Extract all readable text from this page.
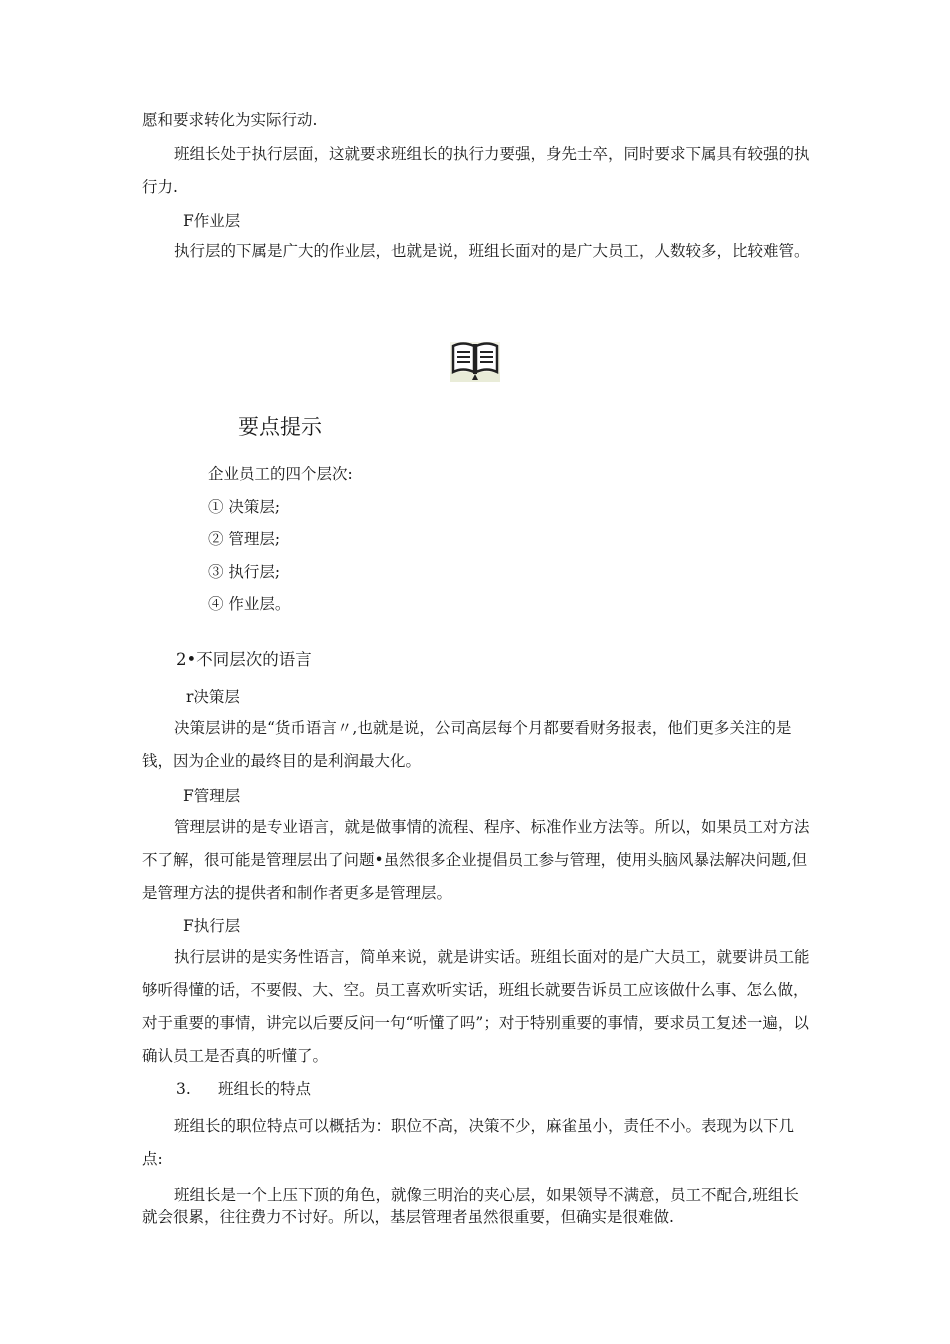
愿和要求转化为实际行动.

班组长处于执行层面，这就要求班组长的执行力要强，身先士卒，同时要求下属具有较强的执行力.

F作业层

执行层的下属是广大的作业层，也就是说，班组长面对的是广大员工，人数较多，比较难管。

要点提示
企业员工的四个层次:
① 决策层;
② 管理层;
③ 执行层;
④ 作业层。

2•不同层次的语言

r决策层

决策层讲的是“货币语言〃,也就是说，公司高层每个月都要看财务报表，他们更多关注的是钱，因为企业的最终目的是利润最大化。

F管理层

管理层讲的是专业语言，就是做事情的流程、程序、标准作业方法等。所以，如果员工对方法不了解，很可能是管理层出了问题•虽然很多企业提倡员工参与管理，使用头脑风暴法解决问题,但是管理方法的提供者和制作者更多是管理层。

F执行层

执行层讲的是实务性语言，简单来说，就是讲实话。班组长面对的是广大员工，就要讲员工能够听得懂的话，不要假、大、空。员工喜欢听实话，班组长就要告诉员工应该做什么事、怎么做，对于重要的事情，讲完以后要反问一句“听懂了吗”；对于特别重要的事情，要求员工复述一遍，以确认员工是否真的听懂了。

3. 班组长的特点

班组长的职位特点可以概括为：职位不高，决策不少，麻雀虽小，责任不小。表现为以下几点:

班组长是一个上压下顶的角色，就像三明治的夹心层，如果领导不满意，员工不配合,班组长就会很累，往往费力不讨好。所以，基层管理者虽然很重要，但确实是很难做.
